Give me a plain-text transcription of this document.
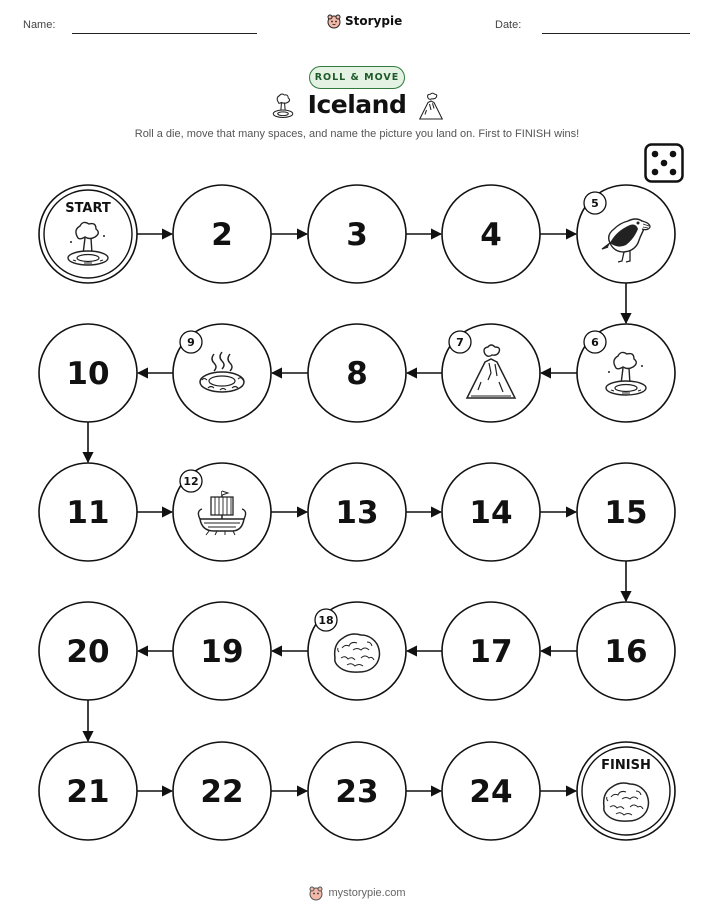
Name:	Storypie	Date:
ROLL & MOVE
Iceland
Roll a die, move that many spaces, and name the picture you land on. First to FINISH wins!
START
2	3	4
5
6
7
8
9
10
11
12
13	14	15
16
17
18
19
20
21	22	23	24
FINISH
mystorypie.com
